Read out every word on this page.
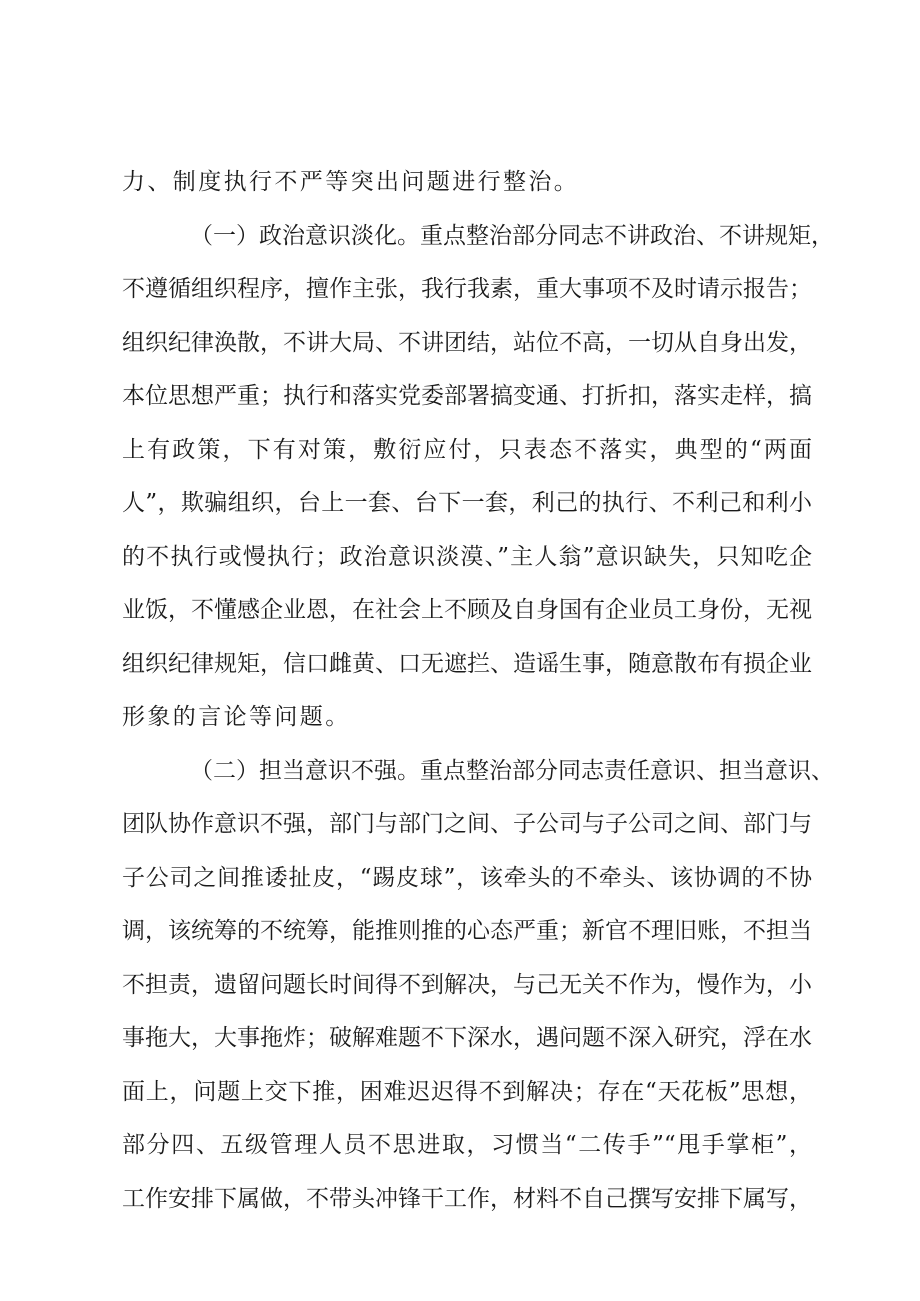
力、制度执行不严等突出问题进行整治。
（一）政治意识淡化。重点整治部分同志不讲政治、不讲规矩，
不遵循组织程序，擅作主张，我行我素，重大事项不及时请示报告；
组织纪律涣散，不讲大局、不讲团结，站位不高，一切从自身出发，
本位思想严重；执行和落实党委部署搞变通、打折扣，落实走样，搞
上有政策，下有对策，敷衍应付，只表态不落实，典型的“两面
人”，欺骗组织，台上一套、台下一套，利己的执行、不利己和利小
的不执行或慢执行；政治意识淡漠、”主人翁”意识缺失，只知吃企
业饭，不懂感企业恩，在社会上不顾及自身国有企业员工身份，无视
组织纪律规矩，信口雌黄、口无遮拦、造谣生事，随意散布有损企业
形象的言论等问题。
（二）担当意识不强。重点整治部分同志责任意识、担当意识、
团队协作意识不强，部门与部门之间、子公司与子公司之间、部门与
子公司之间推诿扯皮，“踢皮球”，该牵头的不牵头、该协调的不协
调，该统筹的不统筹，能推则推的心态严重；新官不理旧账，不担当
不担责，遗留问题长时间得不到解决，与己无关不作为，慢作为，小
事拖大，大事拖炸；破解难题不下深水，遇问题不深入研究，浮在水
面上，问题上交下推，困难迟迟得不到解决；存在“天花板”思想，
部分四、五级管理人员不思进取，习惯当“二传手”“甩手掌柜”，
工作安排下属做，不带头冲锋干工作，材料不自己撰写安排下属写，
